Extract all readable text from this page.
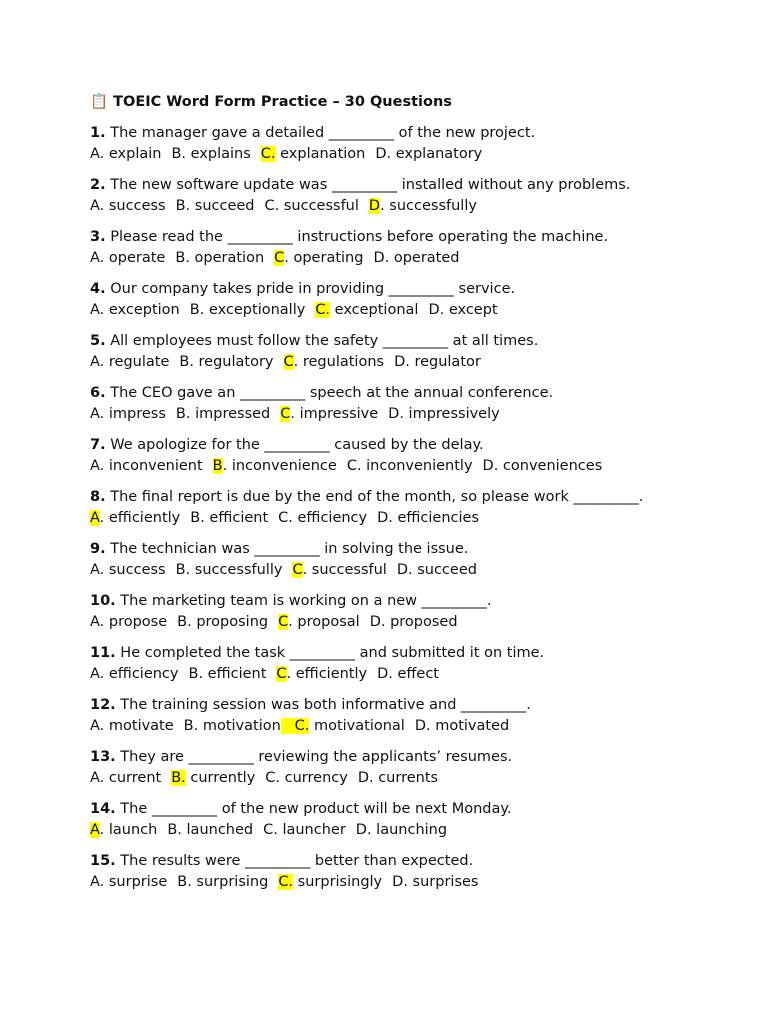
📋 TOEIC Word Form Practice – 30 Questions
1. The manager gave a detailed _________ of the new project.
A. explain B. explains C. explanation D. explanatory
2. The new software update was _________ installed without any problems.
A. success B. succeed C. successful D. successfully
3. Please read the _________ instructions before operating the machine.
A. operate B. operation C. operating D. operated
4. Our company takes pride in providing _________ service.
A. exception B. exceptionally C. exceptional D. except
5. All employees must follow the safety _________ at all times.
A. regulate B. regulatory C. regulations D. regulator
6. The CEO gave an _________ speech at the annual conference.
A. impress B. impressed C. impressive D. impressively
7. We apologize for the _________ caused by the delay.
A. inconvenient B. inconvenience C. inconveniently D. conveniences
8. The final report is due by the end of the month, so please work _________.
A. efficiently B. efficient C. efficiency D. efficiencies
9. The technician was _________ in solving the issue.
A. success B. successfully C. successful D. succeed
10. The marketing team is working on a new _________.
A. propose B. proposing C. proposal D. proposed
11. He completed the task _________ and submitted it on time.
A. efficiency B. efficient C. efficiently D. effect
12. The training session was both informative and _________.
A. motivate B. motivation   C. motivational D. motivated
13. They are _________ reviewing the applicants’ resumes.
A. current B. currently C. currency D. currents
14. The _________ of the new product will be next Monday.
A. launch B. launched C. launcher D. launching
15. The results were _________ better than expected.
A. surprise B. surprising C. surprisingly D. surprises
